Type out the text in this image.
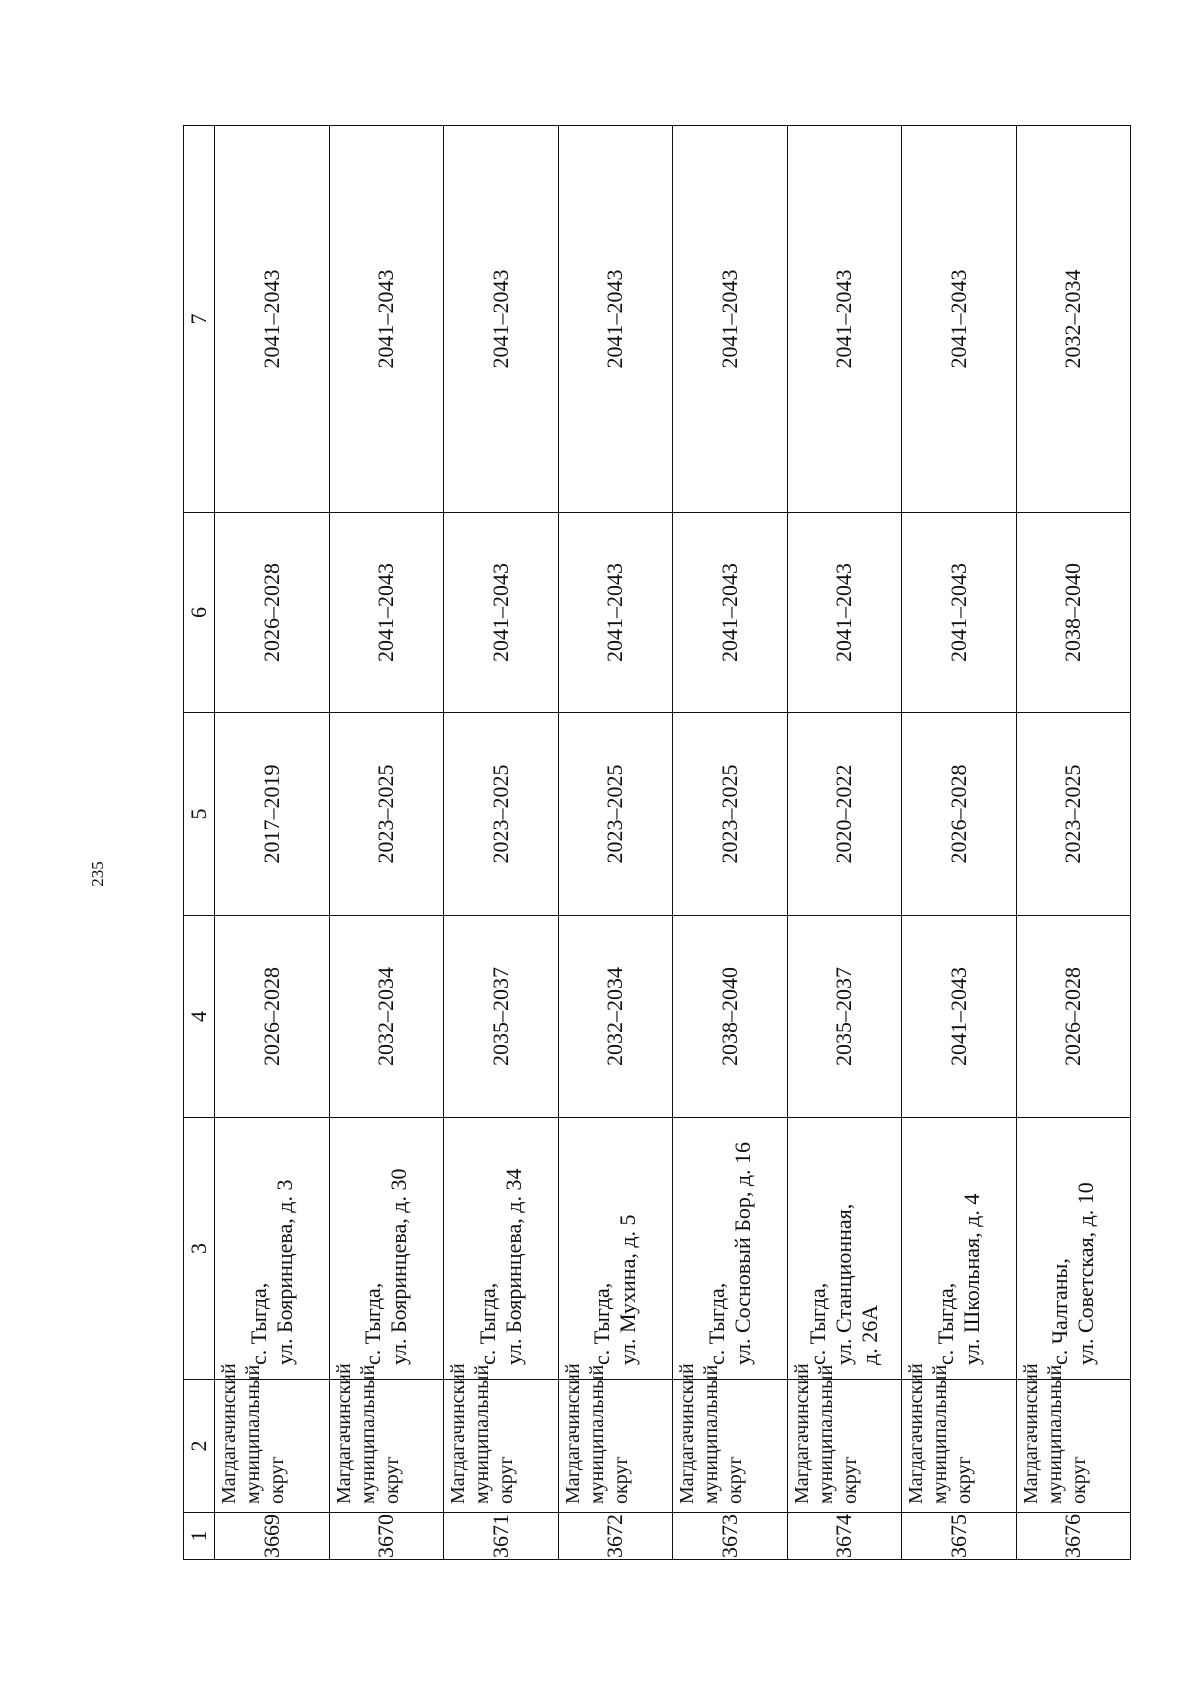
235
1	2	3	4	5	6	7
3669	Магдагачинский муниципальный округ	с. Тыгда, ул. Бояринцева, д. 3	2026–2028	2017–2019	2026–2028	2041–2043
3670	Магдагачинский муниципальный округ	с. Тыгда, ул. Бояринцева, д. 30	2032–2034	2023–2025	2041–2043	2041–2043
3671	Магдагачинский муниципальный округ	с. Тыгда, ул. Бояринцева, д. 34	2035–2037	2023–2025	2041–2043	2041–2043
3672	Магдагачинский муниципальный округ	с. Тыгда, ул. Мухина, д. 5	2032–2034	2023–2025	2041–2043	2041–2043
3673	Магдагачинский муниципальный округ	с. Тыгда, ул. Сосновый Бор, д. 16	2038–2040	2023–2025	2041–2043	2041–2043
3674	Магдагачинский муниципальный округ	с. Тыгда, ул. Станционная, д. 26А	2035–2037	2020–2022	2041–2043	2041–2043
3675	Магдагачинский муниципальный округ	с. Тыгда, ул. Школьная, д. 4	2041–2043	2026–2028	2041–2043	2041–2043
3676	Магдагачинский муниципальный округ	с. Чалганы, ул. Советская, д. 10	2026–2028	2023–2025	2038–2040	2032–2034
